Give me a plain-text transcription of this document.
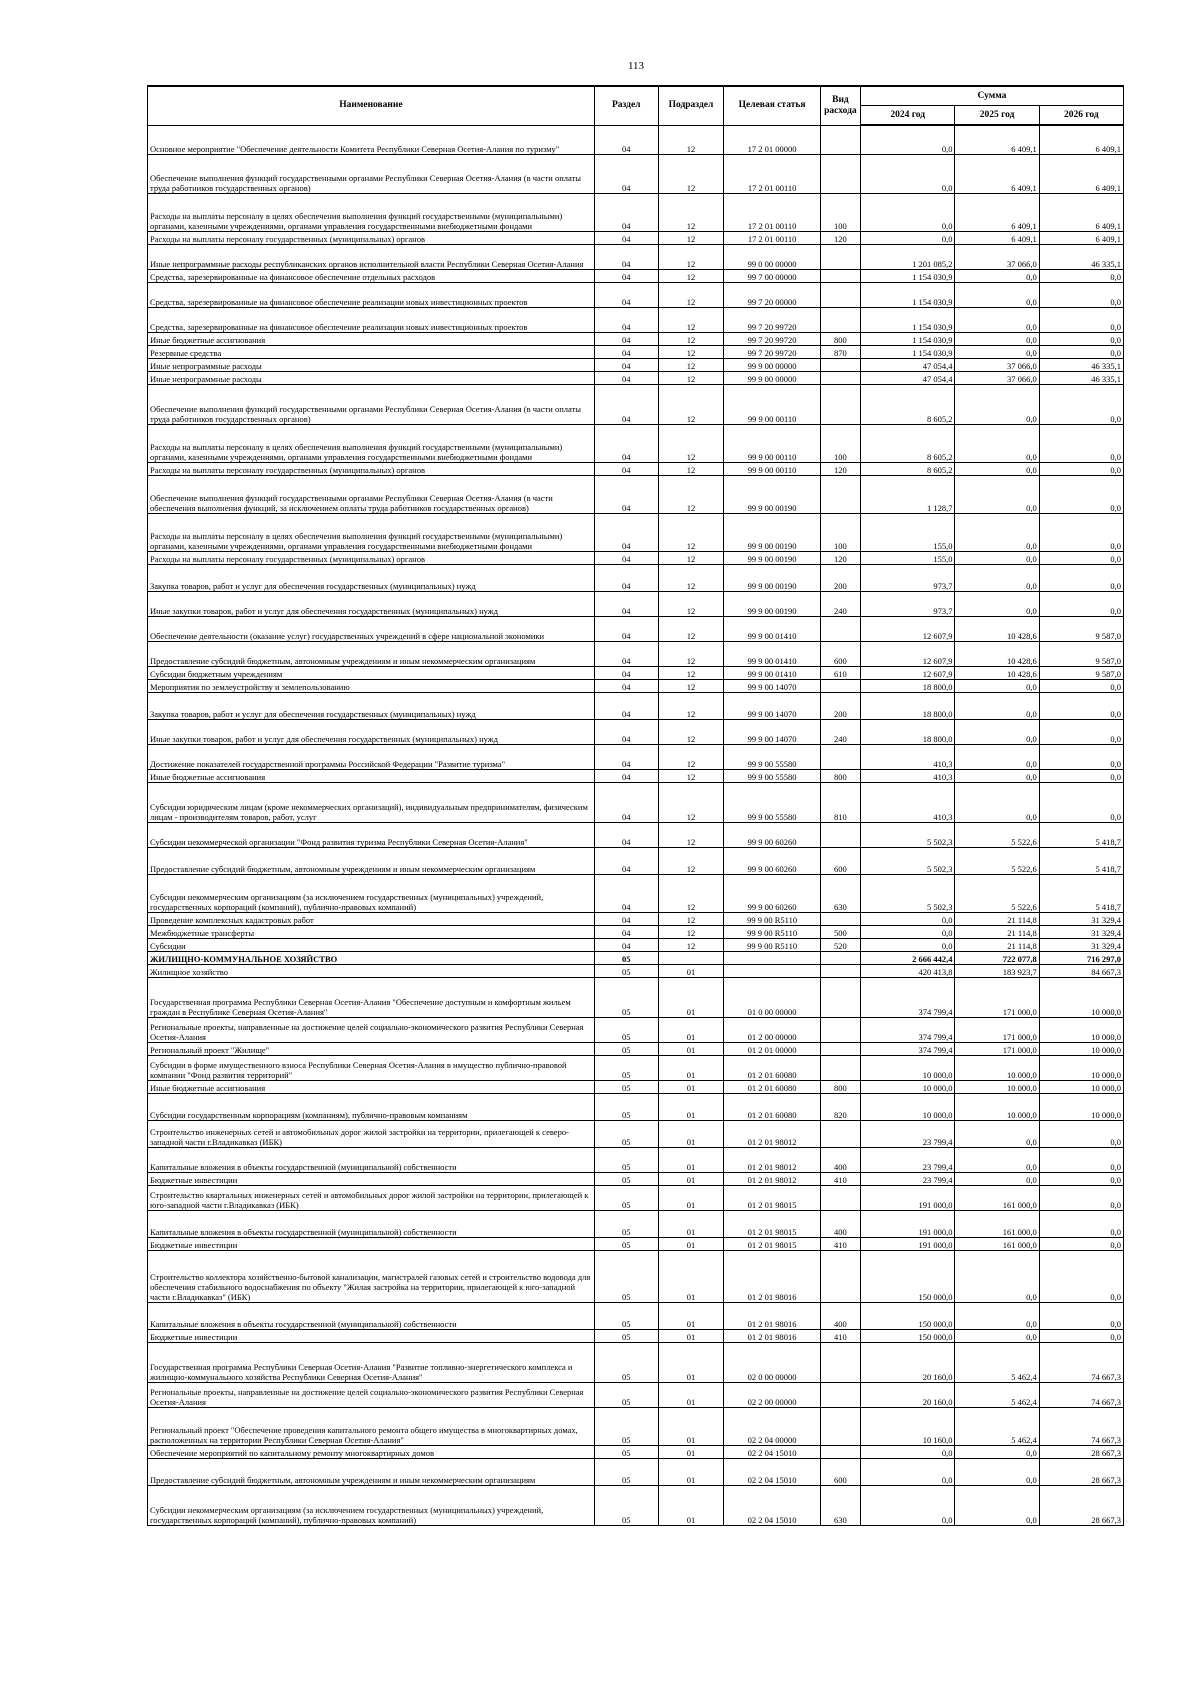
113
Наименование	Раздел	Подраздел	Целевая статья	Вид расхода	Сумма		
					2024 год	2025 год	2026 год
Основное мероприятие "Обеспечение деятельности Комитета Республики Северная Осетия-Алания по туризму"	04	12	17 2 01 00000		0,0	6 409,1	6 409,1
Обеспечение выполнения функций государственными органами Республики Северная Осетия-Алания (в части оплаты труда работников государственных органов)	04	12	17 2 01 00110		0,0	6 409,1	6 409,1
Расходы на выплаты персоналу в целях обеспечения выполнения функций государственными (муниципальными) органами, казенными учреждениями, органами управления государственными внебюджетными фондами	04	12	17 2 01 00110	100	0,0	6 409,1	6 409,1
Расходы на выплаты персоналу государственных (муниципальных) органов	04	12	17 2 01 00110	120	0,0	6 409,1	6 409,1
Иные непрограммные расходы республиканских органов исполнительной власти Республики Северная Осетия-Алания	04	12	99 0 00 00000		1 201 085,2	37 066,0	46 335,1
Средства, зарезервированные на финансовое обеспечение отдельных расходов	04	12	99 7 00 00000		1 154 030,9	0,0	0,0
Средства, зарезервированные на финансовое обеспечение реализации новых инвестиционных проектов	04	12	99 7 20 00000		1 154 030,9	0,0	0,0
Средства, зарезервированные на финансовое обеспечение реализации новых инвестиционных проектов	04	12	99 7 20 99720		1 154 030,9	0,0	0,0
Иные бюджетные ассигнования	04	12	99 7 20 99720	800	1 154 030,9	0,0	0,0
Резервные средства	04	12	99 7 20 99720	870	1 154 030,9	0,0	0,0
Иные непрограммные расходы	04	12	99 9 00 00000		47 054,4	37 066,0	46 335,1
Иные непрограммные расходы	04	12	99 9 00 00000		47 054,4	37 066,0	46 335,1
Обеспечение выполнения функций государственными органами Республики Северная Осетия-Алания (в части оплаты труда работников государственных органов)	04	12	99 9 00 00110		8 605,2	0,0	0,0
Расходы на выплаты персоналу в целях обеспечения выполнения функций государственными (муниципальными) органами, казенными учреждениями, органами управления государственными внебюджетными фондами	04	12	99 9 00 00110	100	8 605,2	0,0	0,0
Расходы на выплаты персоналу государственных (муниципальных) органов	04	12	99 9 00 00110	120	8 605,2	0,0	0,0
Обеспечение выполнения функций государственными органами Республики Северная Осетия-Алания (в части обеспечения выполнения функций, за исключением оплаты труда работников государственных органов)	04	12	99 9 00 00190		1 128,7	0,0	0,0
Расходы на выплаты персоналу в целях обеспечения выполнения функций государственными (муниципальными) органами, казенными учреждениями, органами управления государственными внебюджетными фондами	04	12	99 9 00 00190	100	155,0	0,0	0,0
Расходы на выплаты персоналу государственных (муниципальных) органов	04	12	99 9 00 00190	120	155,0	0,0	0,0
Закупка товаров, работ и услуг для обеспечения государственных (муниципальных) нужд	04	12	99 9 00 00190	200	973,7	0,0	0,0
Иные закупки товаров, работ и услуг для обеспечения государственных (муниципальных) нужд	04	12	99 9 00 00190	240	973,7	0,0	0,0
Обеспечение деятельности (оказание услуг) государственных учреждений в сфере национальной экономики	04	12	99 9 00 01410		12 607,9	10 428,6	9 587,0
Предоставление субсидий бюджетным, автономным учреждениям и иным некоммерческим организациям	04	12	99 9 00 01410	600	12 607,9	10 428,6	9 587,0
Субсидии бюджетным учреждениям	04	12	99 9 00 01410	610	12 607,9	10 428,6	9 587,0
Мероприятия по землеустройству и землепользованию	04	12	99 9 00 14070		18 800,0	0,0	0,0
Закупка товаров, работ и услуг для обеспечения государственных (муниципальных) нужд	04	12	99 9 00 14070	200	18 800,0	0,0	0,0
Иные закупки товаров, работ и услуг для обеспечения государственных (муниципальных) нужд	04	12	99 9 00 14070	240	18 800,0	0,0	0,0
Достижение показателей государственной программы Российской Федерации "Развитие туризма"	04	12	99 9 00 55580		410,3	0,0	0,0
Иные бюджетные ассигнования	04	12	99 9 00 55580	800	410,3	0,0	0,0
Субсидии юридическим лицам (кроме некоммерческих организаций), индивидуальным предпринимателям, физическим лицам - производителям товаров, работ, услуг	04	12	99 9 00 55580	810	410,3	0,0	0,0
Субсидии некоммерческой организации "Фонд развития туризма Республики Северная Осетия-Алания"	04	12	99 9 00 60260		5 502,3	5 522,6	5 418,7
Предоставление субсидий бюджетным, автономным учреждениям и иным некоммерческим организациям	04	12	99 9 00 60260	600	5 502,3	5 522,6	5 418,7
Субсидии некоммерческим организациям (за исключением государственных (муниципальных) учреждений, государственных корпораций (компаний), публично-правовых компаний)	04	12	99 9 00 60260	630	5 502,3	5 522,6	5 418,7
Проведение комплексных кадастровых работ	04	12	99 9 00 R5110		0,0	21 114,8	31 329,4
Межбюджетные трансферты	04	12	99 9 00 R5110	500	0,0	21 114,8	31 329,4
Субсидии	04	12	99 9 00 R5110	520	0,0	21 114,8	31 329,4
ЖИЛИЩНО-КОММУНАЛЬНОЕ ХОЗЯЙСТВО	05				2 666 442,4	722 077,8	716 297,0
Жилищное хозяйство	05	01			420 413,8	183 923,7	84 667,3
Государственная программа Республики Северная Осетия-Алания "Обеспечение доступным и комфортным жильем граждан в Республике Северная Осетия-Алания"	05	01	01 0 00 00000		374 799,4	171 000,0	10 000,0
Региональные проекты, направленные на достижение целей социально-экономического развития Республики Северная Осетия-Алания	05	01	01 2 00 00000		374 799,4	171 000,0	10 000,0
Региональный проект "Жилище"	05	01	01 2 01 00000		374 799,4	171 000,0	10 000,0
Субсидии в форме имущественного взноса Республики Северная Осетия-Алания в имущество публично-правовой компании "Фонд развития территорий"	05	01	01 2 01 60080		10 000,0	10 000,0	10 000,0
Иные бюджетные ассигнования	05	01	01 2 01 60080	800	10 000,0	10 000,0	10 000,0
Субсидии государственным корпорациям (компаниям), публично-правовым компаниям	05	01	01 2 01 60080	820	10 000,0	10 000,0	10 000,0
Строительство инженерных сетей и автомобильных дорог жилой застройки на территории, прилегающей к северо-западной части г.Владикавказ (ИБК)	05	01	01 2 01 98012		23 799,4	0,0	0,0
Капитальные вложения в объекты государственной (муниципальной) собственности	05	01	01 2 01 98012	400	23 799,4	0,0	0,0
Бюджетные инвестиции	05	01	01 2 01 98012	410	23 799,4	0,0	0,0
Строительство квартальных инженерных сетей и автомобильных дорог жилой застройки на территории, прилегающей к юго-западной части г.Владикавказ (ИБК)	05	01	01 2 01 98015		191 000,0	161 000,0	0,0
Капитальные вложения в объекты государственной (муниципальной) собственности	05	01	01 2 01 98015	400	191 000,0	161 000,0	0,0
Бюджетные инвестиции	05	01	01 2 01 98015	410	191 000,0	161 000,0	0,0
Строительство коллектора хозяйственно-бытовой канализации, магистралей газовых сетей и строительство водовода для обеспечения стабильного водоснабжения по объекту "Жилая застройка на территории, прилегающей к юго-западной части г.Владикавказ" (ИБК)	05	01	01 2 01 98016		150 000,0	0,0	0,0
Капитальные вложения в объекты государственной (муниципальной) собственности	05	01	01 2 01 98016	400	150 000,0	0,0	0,0
Бюджетные инвестиции	05	01	01 2 01 98016	410	150 000,0	0,0	0,0
Государственная программа Республики Северная Осетия-Алания "Развитие топливно-энергетического комплекса и жилищно-коммунального хозяйства Республики Северная Осетия-Алания"	05	01	02 0 00 00000		20 160,0	5 462,4	74 667,3
Региональные проекты, направленные на достижение целей социально-экономического развития Республики Северная Осетия-Алания	05	01	02 2 00 00000		20 160,0	5 462,4	74 667,3
Региональный проект "Обеспечение проведения капитального ремонта общего имущества в многоквартирных домах, расположенных на территории Республики Северная Осетия-Алания"	05	01	02 2 04 00000		10 160,0	5 462,4	74 667,3
Обеспечение мероприятий по капитальному ремонту многоквартирных домов	05	01	02 2 04 15010		0,0	0,0	28 667,3
Предоставление субсидий бюджетным, автономным учреждениям и иным некоммерческим организациям	05	01	02 2 04 15010	600	0,0	0,0	28 667,3
Субсидии некоммерческим организациям (за исключением государственных (муниципальных) учреждений, государственных корпораций (компаний), публично-правовых компаний)	05	01	02 2 04 15010	630	0,0	0,0	28 667,3
